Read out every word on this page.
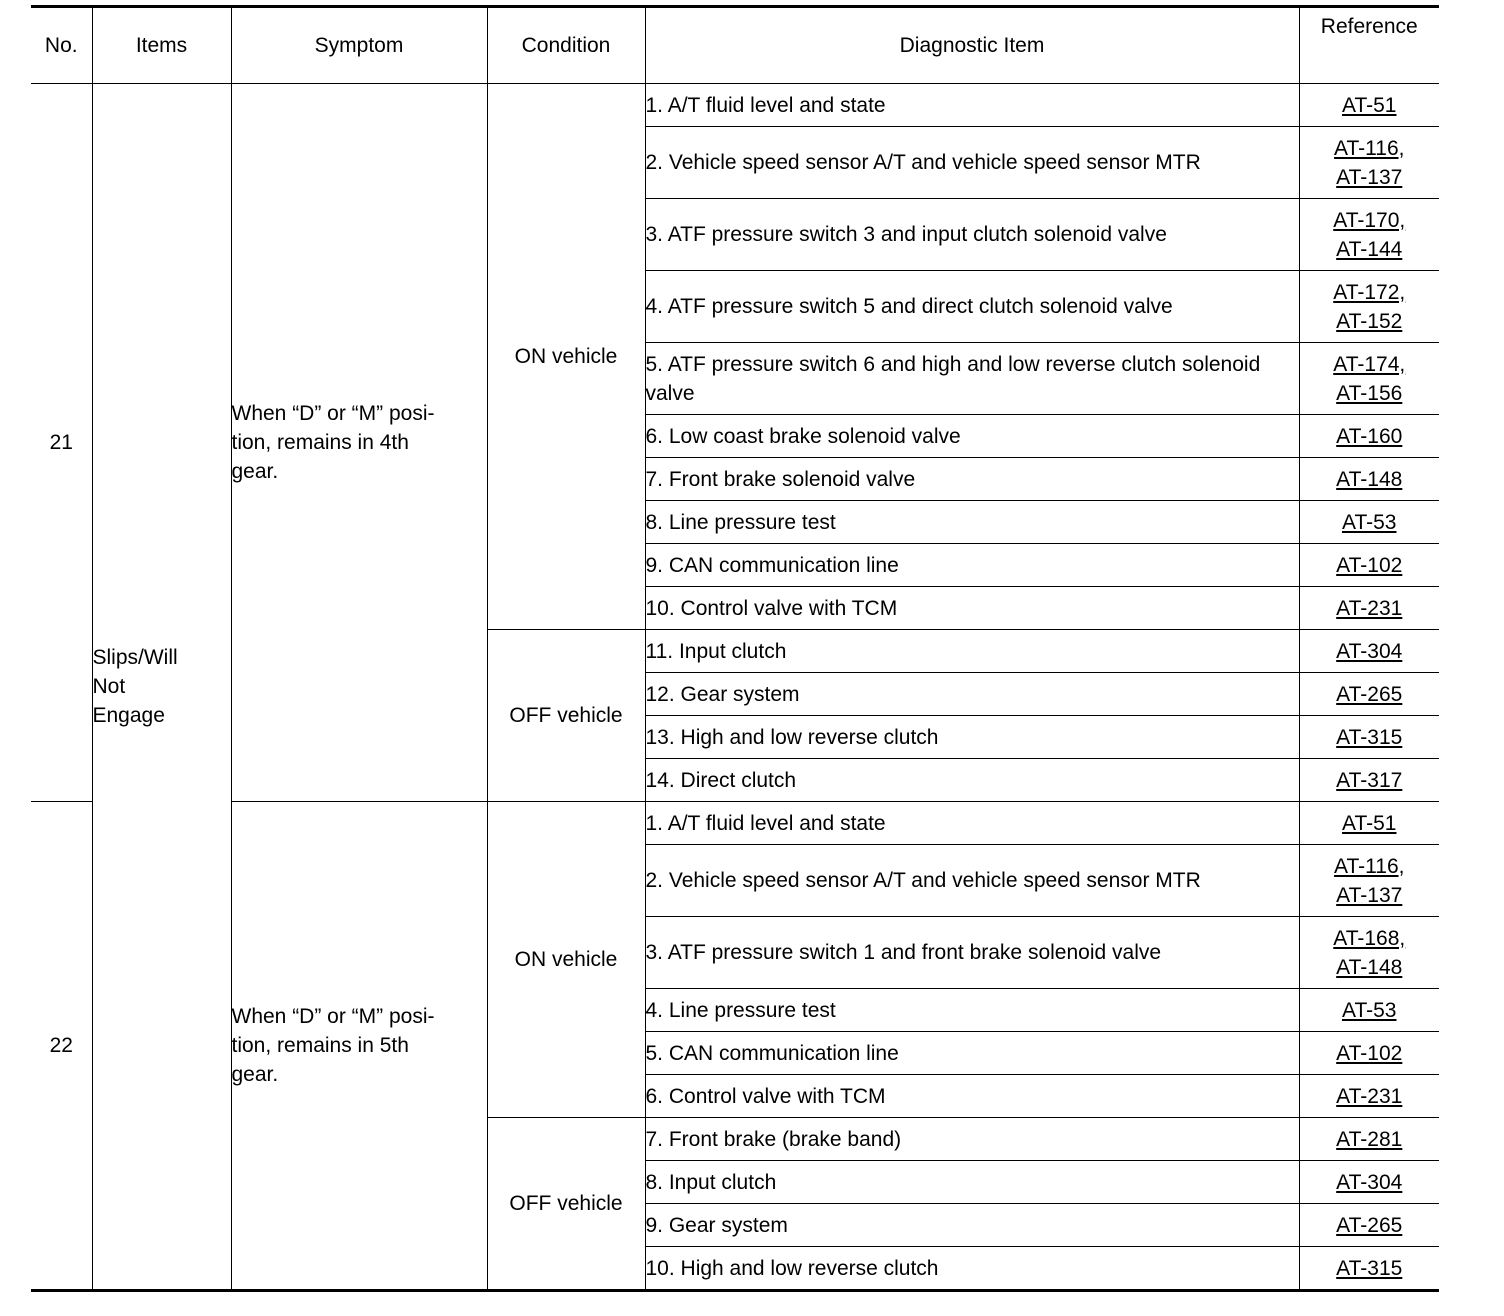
No.	Items	Symptom	Condition	Diagnostic Item	Reference
21	Slips/Will
Not
Engage	When “D” or “M” posi-
tion, remains in 4th
gear.	ON vehicle	1. A/T fluid level and state	AT-51

				2. Vehicle speed sensor A/T and vehicle speed sensor MTR	AT-116,
AT-137

				3. ATF pressure switch 3 and input clutch solenoid valve	AT-170,
AT-144

				4. ATF pressure switch 5 and direct clutch solenoid valve	AT-172,
AT-152

				5. ATF pressure switch 6 and high and low reverse clutch solenoid valve	AT-174,
AT-156

				6. Low coast brake solenoid valve	AT-160

				7. Front brake solenoid valve	AT-148

				8. Line pressure test	AT-53

				9. CAN communication line	AT-102

				10. Control valve with TCM	AT-231

			OFF vehicle	11. Input clutch	AT-304

				12. Gear system	AT-265

				13. High and low reverse clutch	AT-315

				14. Direct clutch	AT-317

22		When “D” or “M” posi-
tion, remains in 5th
gear.	ON vehicle	1. A/T fluid level and state	AT-51

				2. Vehicle speed sensor A/T and vehicle speed sensor MTR	AT-116,
AT-137

				3. ATF pressure switch 1 and front brake solenoid valve	AT-168,
AT-148

				4. Line pressure test	AT-53

				5. CAN communication line	AT-102

				6. Control valve with TCM	AT-231

			OFF vehicle	7. Front brake (brake band)	AT-281

				8. Input clutch	AT-304

				9. Gear system	AT-265

				10. High and low reverse clutch	AT-315
